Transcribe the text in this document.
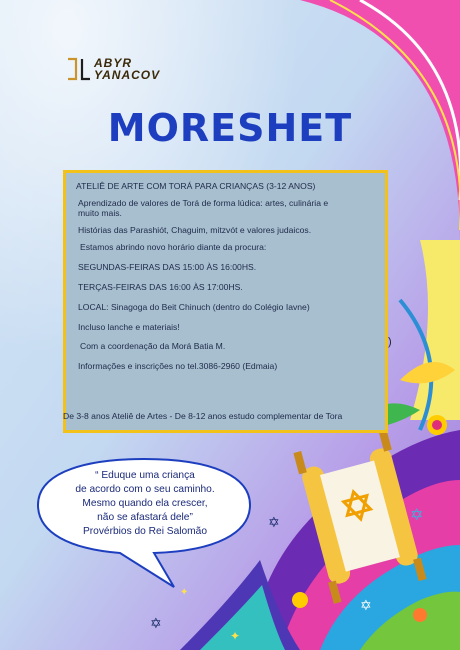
✡
✡
✡
✦
✦
✡
ABYR
YANACOV
MORESHET

ATELIÊ DE ARTE COM TORÁ PARA CRIANÇAS (3-12 ANOS)

Aprendizado de valores de Torá de forma lúdica: artes, culinária e

muito mais.

Histórias das Parashiót, Chaguim, mitzvót e valores judaicos.

Estamos abrindo novo horário diante da procura:

SEGUNDAS-FEIRAS DAS 15:00 ÀS 16:00HS.

TERÇAS-FEIRAS DAS 16:00 ÀS 17:00HS.

LOCAL: Sinagoga do Beit Chinuch (dentro do Colégio Iavne)

Incluso lanche e materiais!

Com a coordenação da Morá Batia M.

Informações e inscrições no tel.3086-2960 (Edmaia)

De 3-8 anos Ateliê de Artes - De 8-12 anos estudo complementar de Tora

)
“ Eduque uma criança
de acordo com o seu caminho.
Mesmo quando ela crescer,
não se afastará dele”
Provérbios do Rei Salomão
